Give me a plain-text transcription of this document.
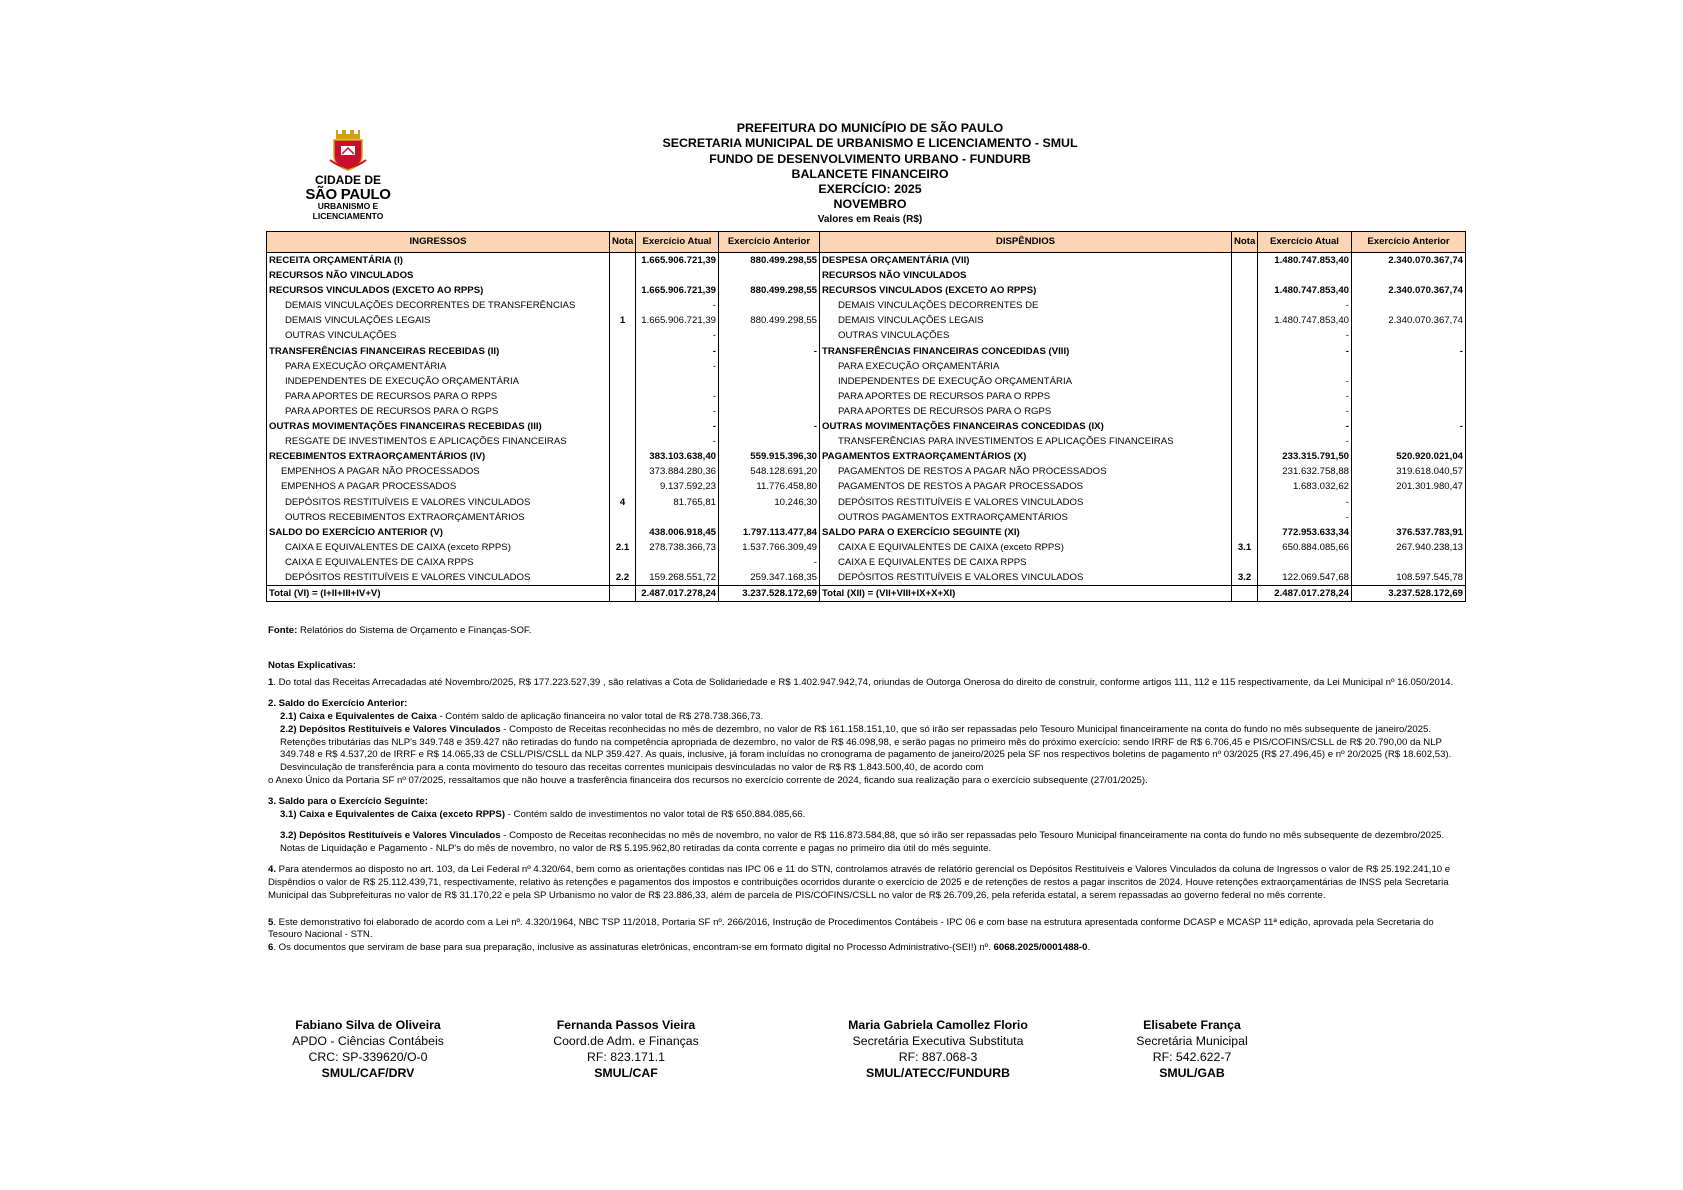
CIDADE DE
SÃO PAULO
URBANISMO E
LICENCIAMENTO
PREFEITURA DO MUNICÍPIO DE SÃO PAULO
SECRETARIA MUNICIPAL DE URBANISMO E LICENCIAMENTO - SMUL
FUNDO DE DESENVOLVIMENTO URBANO - FUNDURB
BALANCETE FINANCEIRO
EXERCÍCIO: 2025
NOVEMBRO
Valores em Reais (R$)
INGRESSOS	Nota	Exercício Atual	Exercício Anterior	DISPÊNDIOS	Nota	Exercício Atual	Exercício Anterior
RECEITA ORÇAMENTÁRIA (I)		1.665.906.721,39	880.499.298,55	DESPESA ORÇAMENTÁRIA (VII)		1.480.747.853,40	2.340.070.367,74
RECURSOS NÃO VINCULADOS				RECURSOS NÃO VINCULADOS			
RECURSOS VINCULADOS (EXCETO AO RPPS)		1.665.906.721,39	880.499.298,55	RECURSOS VINCULADOS (EXCETO AO RPPS)		1.480.747.853,40	2.340.070.367,74
DEMAIS VINCULAÇÕES DECORRENTES DE TRANSFERÊNCIAS		-		DEMAIS VINCULAÇÕES DECORRENTES DE		-	
DEMAIS VINCULAÇÕES LEGAIS	1	1.665.906.721,39	880.499.298,55	DEMAIS VINCULAÇÕES LEGAIS		1.480.747.853,40	2.340.070.367,74
OUTRAS VINCULAÇÕES		-		OUTRAS VINCULAÇÕES		-	
TRANSFERÊNCIAS FINANCEIRAS RECEBIDAS (II)		-	-	TRANSFERÊNCIAS FINANCEIRAS CONCEDIDAS (VIII)		-	-
PARA EXECUÇÃO ORÇAMENTÁRIA		-		PARA EXECUÇÃO ORÇAMENTÁRIA			
INDEPENDENTES DE EXECUÇÃO ORÇAMENTÁRIA				INDEPENDENTES DE EXECUÇÃO ORÇAMENTÁRIA		-	
PARA APORTES DE RECURSOS PARA O RPPS		-		PARA APORTES DE RECURSOS PARA O RPPS		-	
PARA APORTES DE RECURSOS PARA O RGPS		-		PARA APORTES DE RECURSOS PARA O RGPS		-	
OUTRAS MOVIMENTAÇÕES FINANCEIRAS RECEBIDAS (III)		-	-	OUTRAS MOVIMENTAÇÕES FINANCEIRAS CONCEDIDAS (IX)		-	-
RESGATE DE INVESTIMENTOS E APLICAÇÕES FINANCEIRAS		-		TRANSFERÊNCIAS PARA INVESTIMENTOS E APLICAÇÕES FINANCEIRAS		-	
RECEBIMENTOS EXTRAORÇAMENTÁRIOS (IV)		383.103.638,40	559.915.396,30	PAGAMENTOS EXTRAORÇAMENTÁRIOS (X)		233.315.791,50	520.920.021,04
EMPENHOS A PAGAR NÃO PROCESSADOS		373.884.280,36	548.128.691,20	PAGAMENTOS DE RESTOS A PAGAR NÃO PROCESSADOS		231.632.758,88	319.618.040,57
EMPENHOS A PAGAR PROCESSADOS		9.137.592,23	11.776.458,80	PAGAMENTOS DE RESTOS A PAGAR PROCESSADOS		1.683.032,62	201.301.980,47
DEPÓSITOS RESTITUÍVEIS E VALORES VINCULADOS	4	81.765,81	10.246,30	DEPÓSITOS RESTITUÍVEIS E VALORES VINCULADOS		-	
OUTROS RECEBIMENTOS EXTRAORÇAMENTÁRIOS				OUTROS PAGAMENTOS EXTRAORÇAMENTÁRIOS		-	
SALDO DO EXERCÍCIO ANTERIOR (V)		438.006.918,45	1.797.113.477,84	SALDO PARA O EXERCÍCIO SEGUINTE (XI)		772.953.633,34	376.537.783,91
CAIXA E EQUIVALENTES DE CAIXA (exceto RPPS)	2.1	278.738.366,73	1.537.766.309,49	CAIXA E EQUIVALENTES DE CAIXA (exceto RPPS)	3.1	650.884.085,66	267.940.238,13
CAIXA E EQUIVALENTES DE CAIXA RPPS			-	CAIXA E EQUIVALENTES DE CAIXA RPPS			
DEPÓSITOS RESTITUÍVEIS E VALORES VINCULADOS	2.2	159.268.551,72	259.347.168,35	DEPÓSITOS RESTITUÍVEIS E VALORES VINCULADOS	3.2	122.069.547,68	108.597.545,78
Total (VI) = (I+II+III+IV+V)		2.487.017.278,24	3.237.528.172,69	Total (XII) = (VII+VIII+IX+X+XI)		2.487.017.278,24	3.237.528.172,69
Fonte: Relatórios do Sistema de Orçamento e Finanças-SOF.

Notas Explicativas:

1. Do total das Receitas Arrecadadas até Novembro/2025, R$ 177.223.527,39 , são relativas a Cota de Solidariedade e R$ 1.402.947.942,74, oriundas de Outorga Onerosa do direito de construir, conforme artigos 111, 112 e 115 respectivamente, da Lei Municipal nº 16.050/2014.

2. Saldo do Exercício Anterior:

2.1) Caixa e Equivalentes de Caixa - Contém saldo de aplicação financeira no valor total de R$ 278.738.366,73.

2.2) Depósitos Restituíveis e Valores Vinculados - Composto de Receitas reconhecidas no mês de dezembro, no valor de R$ 161.158.151,10, que só irão ser repassadas pelo Tesouro Municipal financeiramente na conta do fundo no mês subsequente de janeiro/2025. Retenções tributárias das NLP's 349.748 e 359.427 não retiradas do fundo na competência apropriada de dezembro, no valor de R$ 46.098,98, e serão pagas no primeiro mês do próximo exercício: sendo IRRF de R$ 6.706,45 e PIS/COFINS/CSLL de R$ 20.790,00 da NLP 349.748 e R$ 4.537,20 de IRRF e R$ 14.065,33 de CSLL/PIS/CSLL da NLP 359.427. As quais, inclusive, já foram incluídas no cronograma de pagamento de janeiro/2025 pela SF nos respectivos boletins de pagamento nº 03/2025 (R$ 27.496,45) e nº 20/2025 (R$ 18.602,53). Desvinculação de transferência para a conta movimento do tesouro das receitas correntes municipais desvinculadas no valor de R$ R$ 1.843.500,40, de acordo com

o Anexo Único da Portaria SF nº 07/2025, ressaltamos que não houve a trasferência financeira dos recursos no exercício corrente de 2024, ficando sua realização para o exercício subsequente (27/01/2025).

3. Saldo para o Exercício Seguinte:

3.1) Caixa e Equivalentes de Caixa (exceto RPPS) - Contém saldo de investimentos no valor total de R$ 650.884.085,66.

3.2) Depósitos Restituíveis e Valores Vinculados - Composto de Receitas reconhecidas no mês de novembro, no valor de R$ 116.873.584,88, que só irão ser repassadas pelo Tesouro Municipal financeiramente na conta do fundo no mês subsequente de dezembro/2025. Notas de Liquidação e Pagamento - NLP's do mês de novembro, no valor de R$ 5.195.962,80 retiradas da conta corrente e pagas no primeiro dia útil do mês seguinte.

4. Para atendermos ao disposto no art. 103, da Lei Federal nº 4.320/64, bem como as orientações contidas nas IPC 06 e 11 do STN, controlamos através de relatório gerencial os Depósitos Restituíveis e Valores Vinculados da coluna de Ingressos o valor de R$ 25.192.241,10 e Dispêndios o valor de R$ 25.112.439,71, respectivamente, relativo às retenções e pagamentos dos impostos e contribuições ocorridos durante o exercício de 2025 e de retenções de restos a pagar inscritos de 2024. Houve retenções extraorçamentárias de INSS pela Secretaria Municipal das Subprefeituras no valor de R$ 31.170,22 e pela SP Urbanismo no valor de R$ 23.886,33, além de parcela de PIS/COFINS/CSLL no valor de R$ 26.709,26, pela referida estatal, a serem repassadas ao governo federal no mês corrente.

5. Este demonstrativo foi elaborado de acordo com a Lei nº. 4.320/1964, NBC TSP 11/2018, Portaria SF nº. 266/2016, Instrução de Procedimentos Contábeis - IPC 06 e com base na estrutura apresentada conforme DCASP e MCASP 11ª edição, aprovada pela Secretaria do Tesouro Nacional - STN.

6. Os documentos que serviram de base para sua preparação, inclusive as assinaturas eletrônicas, encontram-se em formato digital no Processo Administrativo-(SEI!) nº. 6068.2025/0001488-0.

Fabiano Silva de Oliveira
APDO - Ciências Contábeis
CRC: SP-339620/O-0
SMUL/CAF/DRV
Fernanda Passos Vieira
Coord.de Adm. e Finanças
RF: 823.171.1
SMUL/CAF
Maria Gabriela Camollez Florio
Secretária Executiva Substituta
RF: 887.068-3
SMUL/ATECC/FUNDURB
Elisabete França
Secretária Municipal
RF: 542.622-7
SMUL/GAB
